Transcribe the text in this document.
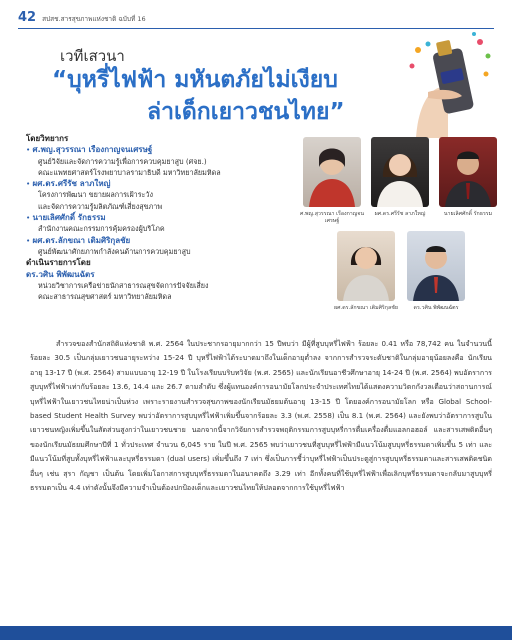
42 สปสช.สารสุขภาพแห่งชาติ ฉบับที่ 16
เวทีเสวนา
“บุหรี่ไฟฟ้า มหันตภัยไม่เงียบ
ล่าเด็กเยาวชนไทย”
โดยวิทยากร
• ศ.พญ.สุวรรณา เรืองกาญจนเศรษฐ์
ศูนย์วิจัยและจัดการความรู้เพื่อการควบคุมยาสูบ (ศจย.)
คณะแพทยศาสตร์โรงพยาบาลรามาธิบดี มหาวิทยาลัยมหิดล
• ผศ.ดร.ศรีรัช ลาภใหญ่
โครงการพัฒนา ขยายผลการเฝ้าระวัง
และจัดการความรู้มลิตภัณฑ์เสี่ยงสุขภาพ
• นายเลิศศักดิ์ รักธรรม
สำนักงานคณะกรรมการคุ้มครองผู้บริโภค
• ผศ.ดร.ลักขณา เติมศิริกุลชัย
ศูนย์พัฒนาศักยภาพกำลังคนด้านการควบคุมยาสูบ
ดำเนินรายการโดย
ดร.วศิน พิพัฒนฉัตร
หน่วยวิชาการเครือข่ายนักสาธารณสุขจัดการปัจจัยเสี่ยง
คณะสาธารณสุขศาสตร์ มหาวิทยาลัยมหิดล
ศ.พญ.สุวรรณา เรืองกาญจนเศรษฐ์
ผศ.ดร.ศรีรัช ลาภใหญ่	นายเลิศศักดิ์ รักธรรม
ผศ.ดร.ลักขณา เติมศิริกุลชัย	ดร.วศิน พิพัฒนฉัตร
สำรวจของสำนักสถิติแห่งชาติ พ.ศ. 2564 ในประชากรอายุมากกว่า 15 ปีพบว่า มีผู้ที่สูบบุหรี่ไฟฟ้า ร้อยละ 0.41 หรือ 78,742 คน ในจำนวนนี้ร้อยละ 30.5 เป็นกลุ่มเยาวชนอายุระหว่าง 15-24 ปี บุหรี่ไฟฟ้าได้ระบาดมาถึงในเด็กอายุต่ำลง จากการสำรวจระดับชาติในกลุ่มอายุน้อยลงคือ นักเรียนอายุ 13-17 ปี (พ.ศ. 2564) สามแบบอายุ 12-19 ปี ในโรงเรียนบริบทวิจัย (พ.ศ. 2565) และนักเรียนอาชีวศึกษาอายุ 14-24 ปี (พ.ศ. 2564) พบอัตราการสูบบุหรี่ไฟฟ้าเท่ากับร้อยละ 13.6, 14.4 และ 26.7 ตามลำดับ ซึ่งผู้แทนองค์การอนามัยโลกประจำประเทศไทยได้แสดงความวิตกกังวลเตือนว่าสถานการณ์บุหรี่ไฟฟ้าในเยาวชนไทยน่าเป็นห่วง เพราะรายงานสำรวจสุขภาพของนักเรียนมัธยมต้นอายุ 13-15 ปี โดยองค์การอนามัยโลก หรือ Global School-based Student Health Survey พบว่าอัตราการสูบบุหรี่ไฟฟ้าเพิ่มขึ้นจากร้อยละ 3.3 (พ.ศ. 2558) เป็น 8.1 (พ.ศ. 2564) และยังพบว่าอัตราการสูบในเยาวชนหญิงเพิ่มขึ้นในสัดส่วนสูงกว่าในเยาวชนชาย นอกจากนี้จากวิจัยการสำรวจพฤติกรรมการสูบบุหรี่การดื่มเครื่องดื่มแอลกอฮอล์ และสารเสพติดอื่นๆ ของนักเรียนมัธยมศึกษาปีที่ 1 ทั่วประเทศ จำนวน 6,045 ราย ในปี พ.ศ. 2565 พบว่าเยาวชนที่สูบบุหรี่ไฟฟ้ามีแนวโน้มสูบบุหรี่ธรรมดาเพิ่มขึ้น 5 เท่า และมีแนวโน้มที่สูบทั้งบุหรี่ไฟฟ้าและบุหรี่ธรรมดา (dual users) เพิ่มขึ้นถึง 7 เท่า ซึ่งเป็นการชี้ว่าบุหรี่ไฟฟ้าเป็นประตูสู่การสูบบุหรี่ธรรมดาและสารเสพติดชนิดอื่นๆ เช่น สุรา กัญชา เป็นต้น โดยเพิ่มโอกาสการสูบบุหรี่ธรรมดาในอนาคตถึง 3.29 เท่า อีกทั้งคนที่ใช้บุหรี่ไฟฟ้าเพื่อเลิกบุหรี่ธรรมดาจะกลับมาสูบบุหรี่ธรรมดาเป็น 4.4 เท่าดังนั้นจึงมีความจำเป็นต้องปกป้องเด็กและเยาวชนไทยให้ปลอดจากการใช้บุหรี่ไฟฟ้า
